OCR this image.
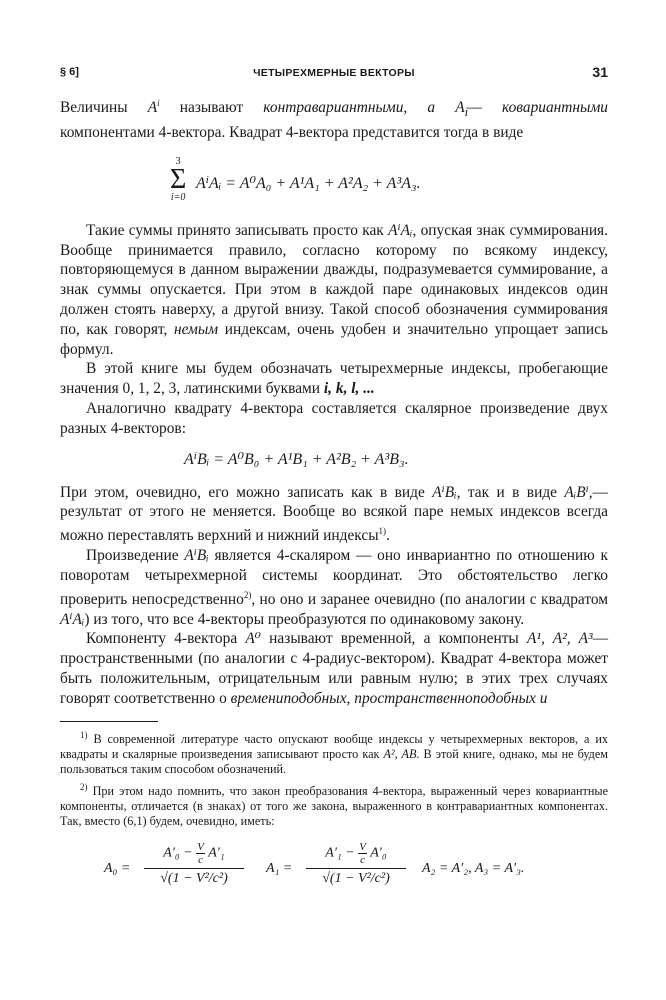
§ 6]	ЧЕТЫРЕХМЕРНЫЕ ВЕКТОРЫ	31

Величины $A^i$ называют контравариантными, а $A_i—$ ковариантными компонентами 4-вектора. Квадрат 4-вектора представится тогда в виде

3
Σ
i=0
AⁱAᵢ = A⁰A₀ + A¹A₁ + A²A₂ + A³A₃.

Такие суммы принято записывать просто как AⁱAᵢ, опуская знак суммирования. Вообще принимается правило, согласно которому по всякому индексу, повторяющемуся в данном выражении дважды, подразумевается суммирование, а знак суммы опускается. При этом в каждой паре одинаковых индексов один должен стоять наверху, а другой внизу. Такой способ обозначения суммирования по, как говорят, немым индексам, очень удобен и значительно упрощает запись формул.

В этой книге мы будем обозначать четырехмерные индексы, пробегающие значения 0, 1, 2, 3, латинскими буквами i, k, l, ...

Аналогично квадрату 4-вектора составляется скалярное произведение двух разных 4-векторов:

AⁱBᵢ = A⁰B₀ + A¹B₁ + A²B₂ + A³B₃.

При этом, очевидно, его можно записать как в виде AⁱBᵢ, так и в виде AᵢBⁱ,— результат от этого не меняется. Вообще во всякой паре немых индексов всегда можно переставлять верхний и нижний индексы$^{1)}$.

Произведение AⁱBᵢ является 4-скаляром — оно инвариантно по отношению к поворотам четырехмерной системы координат. Это обстоятельство легко проверить непосредственно$^{2)}$, но оно и заранее очевидно (по аналогии с квадратом AⁱAᵢ) из того, что все 4-векторы преобразуются по одинаковому закону.

Компоненту 4-вектора A⁰ называют временной, а компоненты A¹, A², A³— пространственными (по аналогии с 4-радиус-вектором). Квадрат 4-вектора может быть положительным, отрицательным или равным нулю; в этих трех случаях говорят соответственно о времениподобных, пространственноподобных и

$^{1)}$ В современной литературе часто опускают вообще индексы у четырехмерных векторов, а их квадраты и скалярные произведения записывают просто как A², AB. В этой книге, однако, мы не будем пользоваться таким способом обозначений.

$^{2)}$ При этом надо помнить, что закон преобразования 4-вектора, выраженный через ковариантные компоненты, отличается (в знаках) от того же закона, выраженного в контравариантных компонентах. Так, вместо (6,1) будем, очевидно, иметь:

$A_0 = \frac{A'_0 - \frac{V}{c} A'_1}{\text{√(1 − V²/c²)}} A_1 = \frac{A'_1 - \frac{V}{c} A'_0}{\text{√(1 − V²/c²)}} A_2 = A'_2$, A₃ = A′₃.
